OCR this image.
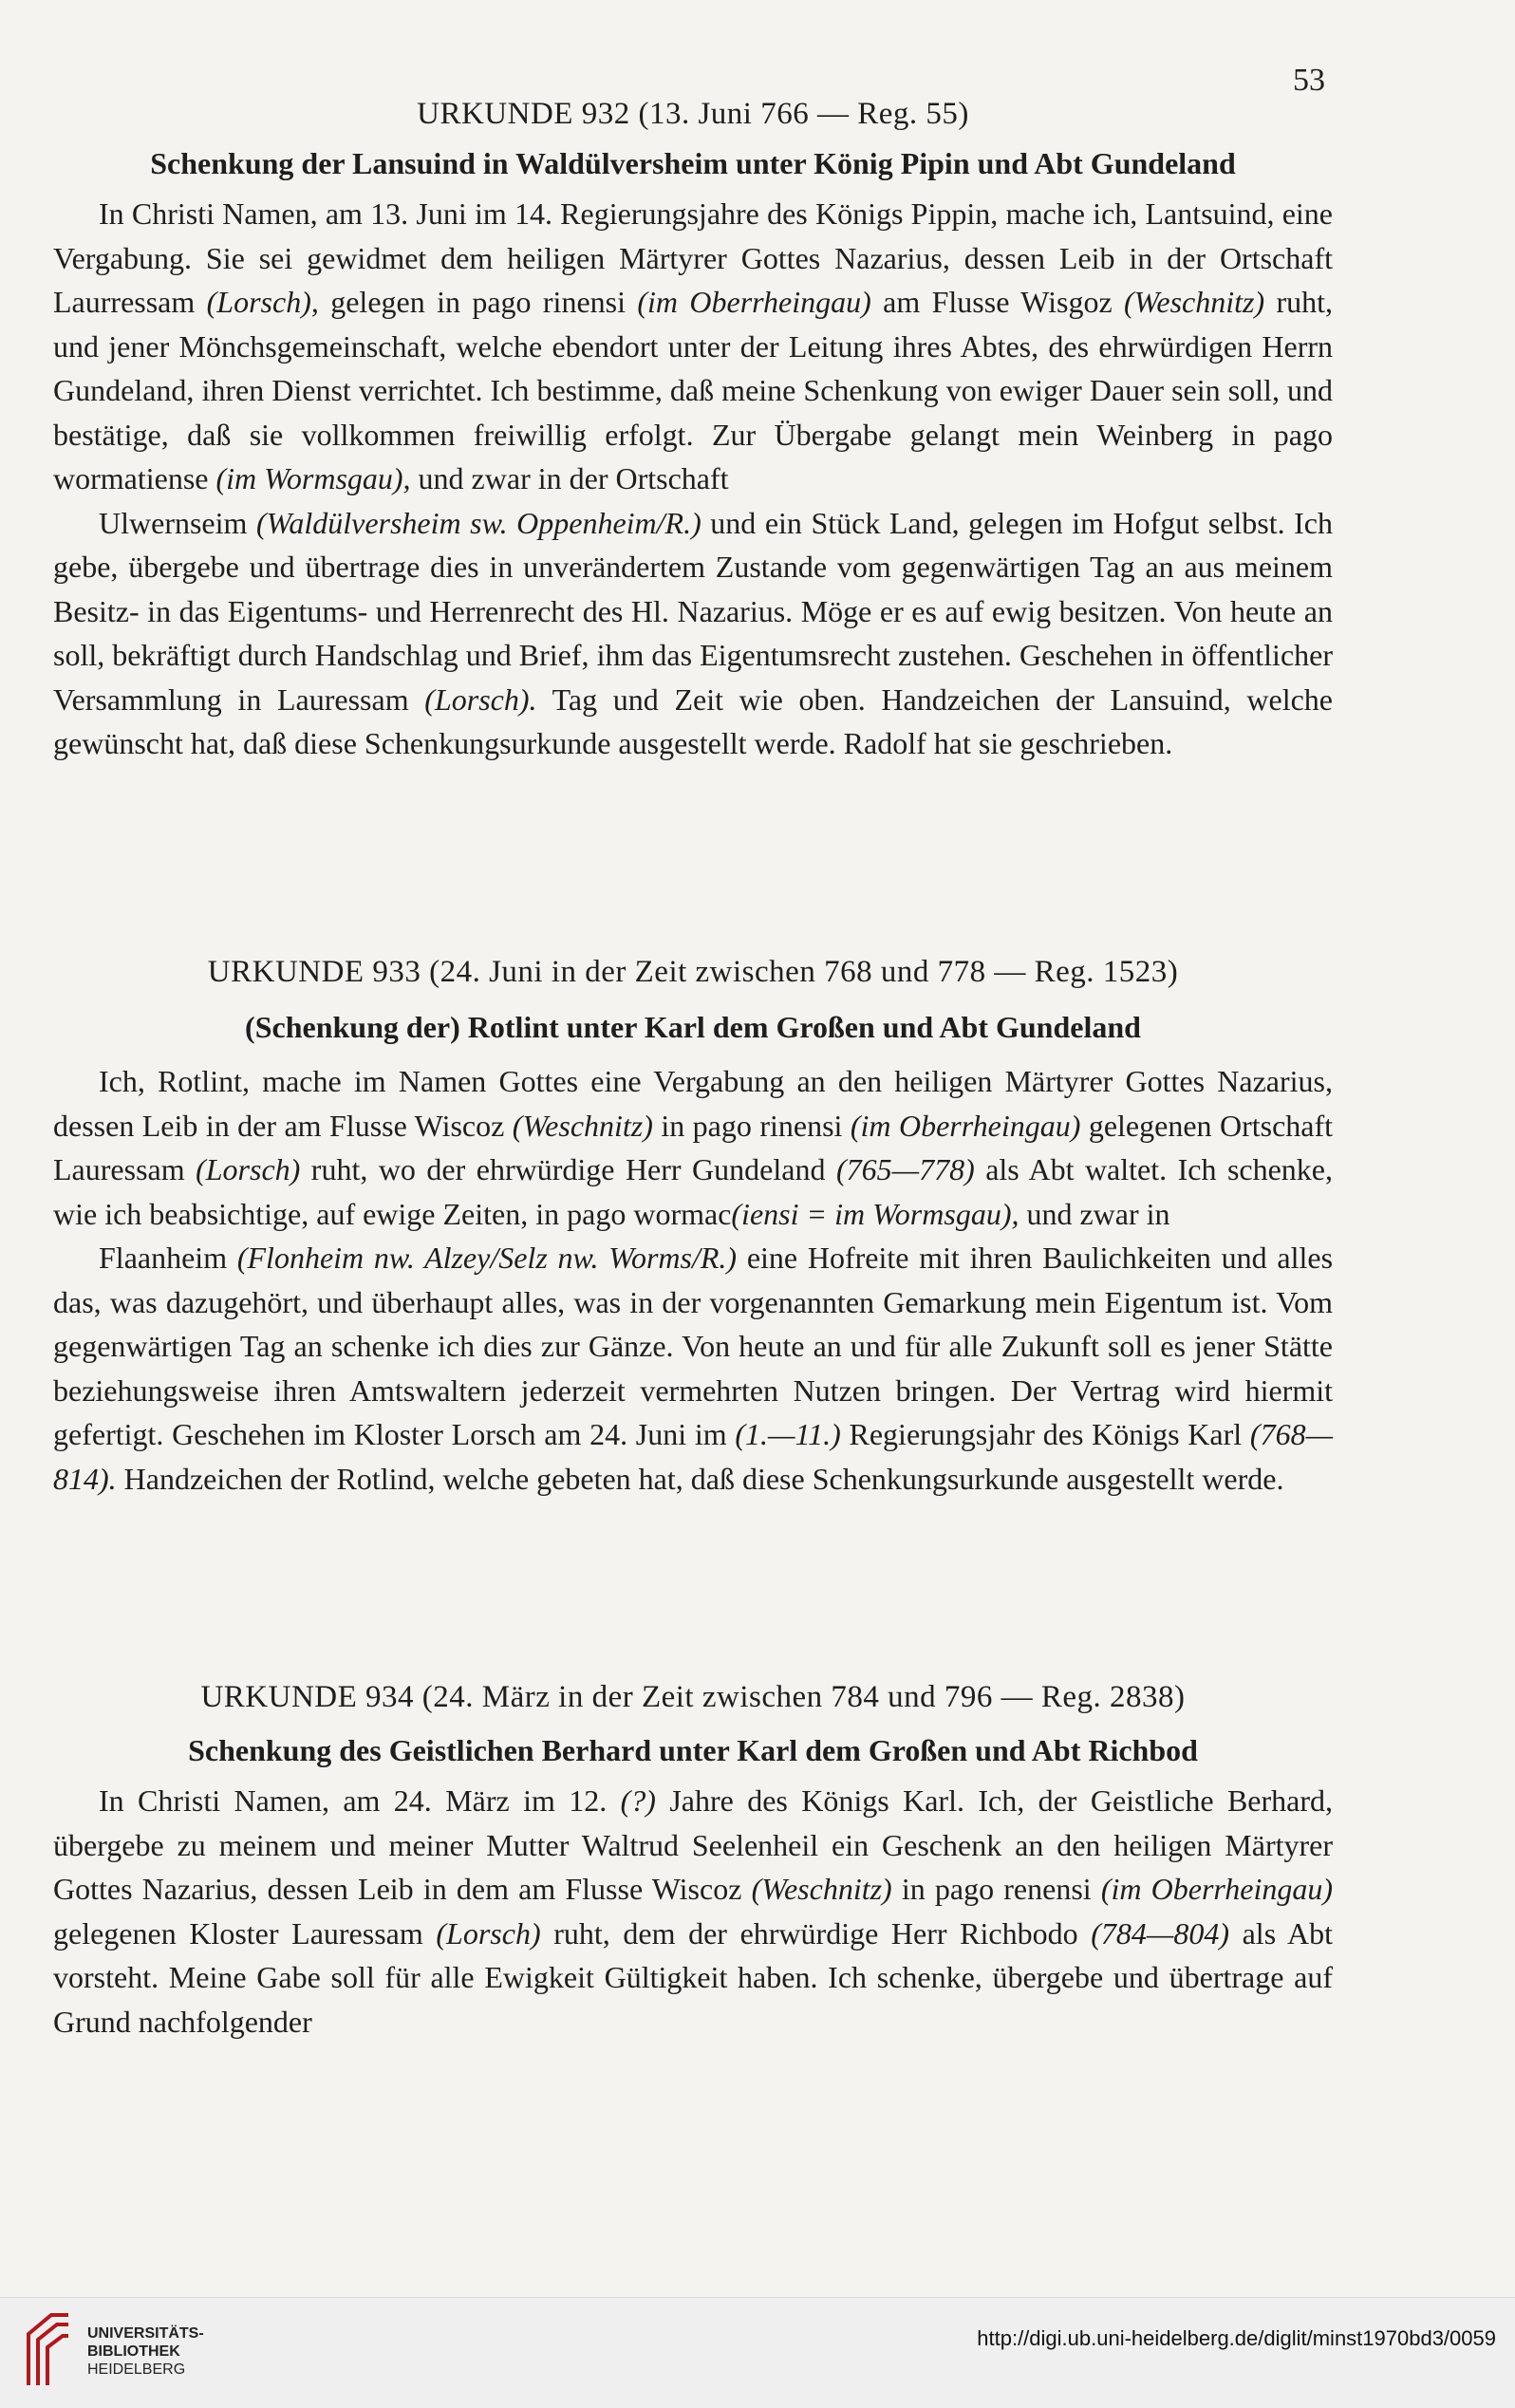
53

URKUNDE 932 (13. Juni 766 — Reg. 55)

Schenkung der Lansuind in Waldülversheim unter König Pipin und Abt Gundeland

In Christi Namen, am 13. Juni im 14. Regierungsjahre des Königs Pippin, mache ich, Lantsuind, eine Vergabung. Sie sei gewidmet dem heiligen Märtyrer Gottes Nazarius, dessen Leib in der Ortschaft Laurressam (Lorsch), gelegen in pago rinensi (im Oberrheingau) am Flusse Wisgoz (Weschnitz) ruht, und jener Mönchsgemeinschaft, welche ebendort unter der Leitung ihres Abtes, des ehrwürdigen Herrn Gundeland, ihren Dienst verrichtet. Ich bestimme, daß meine Schenkung von ewiger Dauer sein soll, und bestätige, daß sie vollkommen freiwillig erfolgt. Zur Übergabe gelangt mein Weinberg in pago wormatiense (im Wormsgau), und zwar in der Ortschaft

Ulwernseim (Waldülversheim sw. Oppenheim/R.) und ein Stück Land, gelegen im Hofgut selbst. Ich gebe, übergebe und übertrage dies in unverändertem Zustande vom gegenwärtigen Tag an aus meinem Besitz- in das Eigentums- und Herrenrecht des Hl. Nazarius. Möge er es auf ewig besitzen. Von heute an soll, bekräftigt durch Handschlag und Brief, ihm das Eigentumsrecht zustehen. Geschehen in öffentlicher Versammlung in Lauressam (Lorsch). Tag und Zeit wie oben. Handzeichen der Lansuind, welche gewünscht hat, daß diese Schenkungsurkunde ausgestellt werde. Radolf hat sie geschrieben.

URKUNDE 933 (24. Juni in der Zeit zwischen 768 und 778 — Reg. 1523)

(Schenkung der) Rotlint unter Karl dem Großen und Abt Gundeland

Ich, Rotlint, mache im Namen Gottes eine Vergabung an den heiligen Märtyrer Gottes Nazarius, dessen Leib in der am Flusse Wiscoz (Weschnitz) in pago rinensi (im Oberrheingau) gelegenen Ortschaft Lauressam (Lorsch) ruht, wo der ehrwürdige Herr Gundeland (765—778) als Abt waltet. Ich schenke, wie ich beabsichtige, auf ewige Zeiten, in pago wormac(iensi = im Wormsgau), und zwar in

Flaanheim (Flonheim nw. Alzey/Selz nw. Worms/R.) eine Hofreite mit ihren Baulichkeiten und alles das, was dazugehört, und überhaupt alles, was in der vorgenannten Gemarkung mein Eigentum ist. Vom gegenwärtigen Tag an schenke ich dies zur Gänze. Von heute an und für alle Zukunft soll es jener Stätte beziehungsweise ihren Amtswaltern jederzeit vermehrten Nutzen bringen. Der Vertrag wird hiermit gefertigt. Geschehen im Kloster Lorsch am 24. Juni im (1.—11.) Regierungsjahr des Königs Karl (768—814). Handzeichen der Rotlind, welche gebeten hat, daß diese Schenkungsurkunde ausgestellt werde.

URKUNDE 934 (24. März in der Zeit zwischen 784 und 796 — Reg. 2838)

Schenkung des Geistlichen Berhard unter Karl dem Großen und Abt Richbod

In Christi Namen, am 24. März im 12. (?) Jahre des Königs Karl. Ich, der Geistliche Berhard, übergebe zu meinem und meiner Mutter Waltrud Seelenheil ein Geschenk an den heiligen Märtyrer Gottes Nazarius, dessen Leib in dem am Flusse Wiscoz (Weschnitz) in pago renensi (im Oberrheingau) gelegenen Kloster Lauressam (Lorsch) ruht, dem der ehrwürdige Herr Richbodo (784—804) als Abt vorsteht. Meine Gabe soll für alle Ewigkeit Gültigkeit haben. Ich schenke, übergebe und übertrage auf Grund nachfolgender

UNIVERSITÄTS-
BIBLIOTHEK
HEIDELBERG
http://digi.ub.uni-heidelberg.de/diglit/minst1970bd3/0059
